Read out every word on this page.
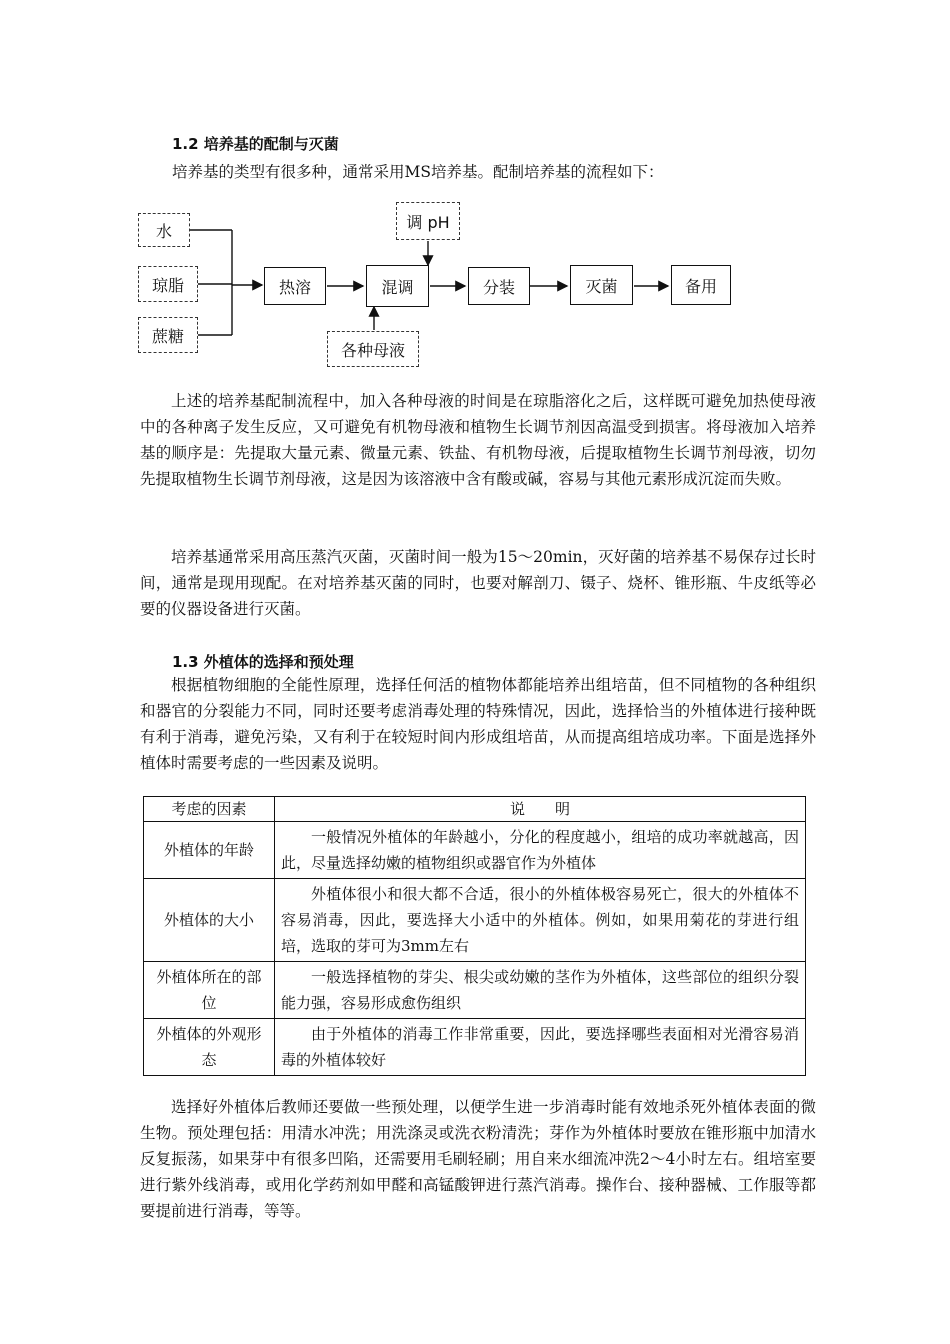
1.2 培养基的配制与灭菌

培养基的类型有很多种，通常采用MS培养基。配制培养基的流程如下：

水
琼脂
蔗糖
热溶	混调	分装	灭菌	备用
调 pH
各种母液

上述的培养基配制流程中，加入各种母液的时间是在琼脂溶化之后，这样既可避免加热使母液中的各种离子发生反应，又可避免有机物母液和植物生长调节剂因高温受到损害。将母液加入培养基的顺序是：先提取大量元素、微量元素、铁盐、有机物母液，后提取植物生长调节剂母液，切勿先提取植物生长调节剂母液，这是因为该溶液中含有酸或碱，容易与其他元素形成沉淀而失败。

培养基通常采用高压蒸汽灭菌，灭菌时间一般为15～20min，灭好菌的培养基不易保存过长时间，通常是现用现配。在对培养基灭菌的同时，也要对解剖刀、镊子、烧杯、锥形瓶、牛皮纸等必要的仪器设备进行灭菌。

1.3 外植体的选择和预处理

根据植物细胞的全能性原理，选择任何活的植物体都能培养出组培苗，但不同植物的各种组织和器官的分裂能力不同，同时还要考虑消毒处理的特殊情况，因此，选择恰当的外植体进行接种既有利于消毒，避免污染，又有利于在较短时间内形成组培苗，从而提高组培成功率。下面是选择外植体时需要考虑的一些因素及说明。

考虑的因素	说　　明
外植体的年龄	一般情况外植体的年龄越小，分化的程度越小，组培的成功率就越高，因此，尽量选择幼嫩的植物组织或器官作为外植体
外植体的大小	外植体很小和很大都不合适，很小的外植体极容易死亡，很大的外植体不容易消毒，因此，要选择大小适中的外植体。例如，如果用菊花的芽进行组培，选取的芽可为3mm左右
外植体所在的部位	一般选择植物的芽尖、根尖或幼嫩的茎作为外植体，这些部位的组织分裂能力强，容易形成愈伤组织
外植体的外观形态	由于外植体的消毒工作非常重要，因此，要选择哪些表面相对光滑容易消毒的外植体较好

选择好外植体后教师还要做一些预处理，以便学生进一步消毒时能有效地杀死外植体表面的微生物。预处理包括：用清水冲洗；用洗涤灵或洗衣粉清洗；芽作为外植体时要放在锥形瓶中加清水反复振荡，如果芽中有很多凹陷，还需要用毛刷轻刷；用自来水细流冲洗2～4小时左右。组培室要进行紫外线消毒，或用化学药剂如甲醛和高锰酸钾进行蒸汽消毒。操作台、接种器械、工作服等都要提前进行消毒，等等。
